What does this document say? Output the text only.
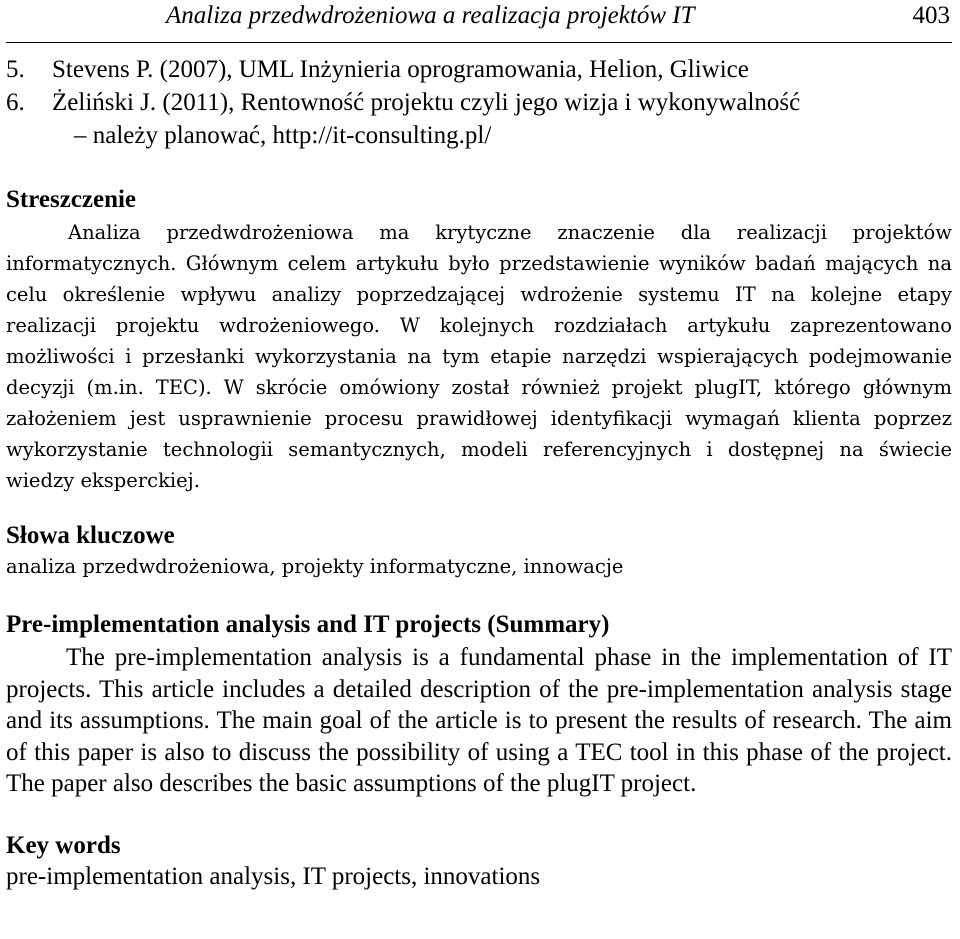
Analiza przedwdrożeniowa a realizacja projektów IT	403
5. Stevens P. (2007), UML Inżynieria oprogramowania, Helion, Gliwice
6. Żeliński J. (2011), Rentowność projektu czyli jego wizja i wykonywalność
– należy planować, http://it-consulting.pl/
Streszczenie

Analiza przedwdrożeniowa ma krytyczne znaczenie dla realizacji projektów informatycznych. Głównym celem artykułu było przedstawienie wyników badań mających na celu określenie wpływu analizy poprzedzającej wdrożenie systemu IT na kolejne etapy realizacji projektu wdrożeniowego. W kolejnych rozdziałach artykułu zaprezentowano możliwości i przesłanki wykorzystania na tym etapie narzędzi wspierających podejmowanie decyzji (m.in. TEC). W skrócie omówiony został również projekt plugIT, którego głównym założeniem jest usprawnienie procesu prawidłowej identyfikacji wymagań klienta poprzez wykorzystanie technologii semantycznych, modeli referencyjnych i dostępnej na świecie wiedzy eksperckiej.

Słowa kluczowe
analiza przedwdrożeniowa, projekty informatyczne, innowacje
Pre-implementation analysis and IT projects (Summary)

The pre-implementation analysis is a fundamental phase in the implementation of IT projects. This article includes a detailed description of the pre-implementation analysis stage and its assumptions. The main goal of the article is to present the results of research. The aim of this paper is also to discuss the possibility of using a TEC tool in this phase of the project. The paper also describes the basic assumptions of the plugIT project.

Key words
pre-implementation analysis, IT projects, innovations
